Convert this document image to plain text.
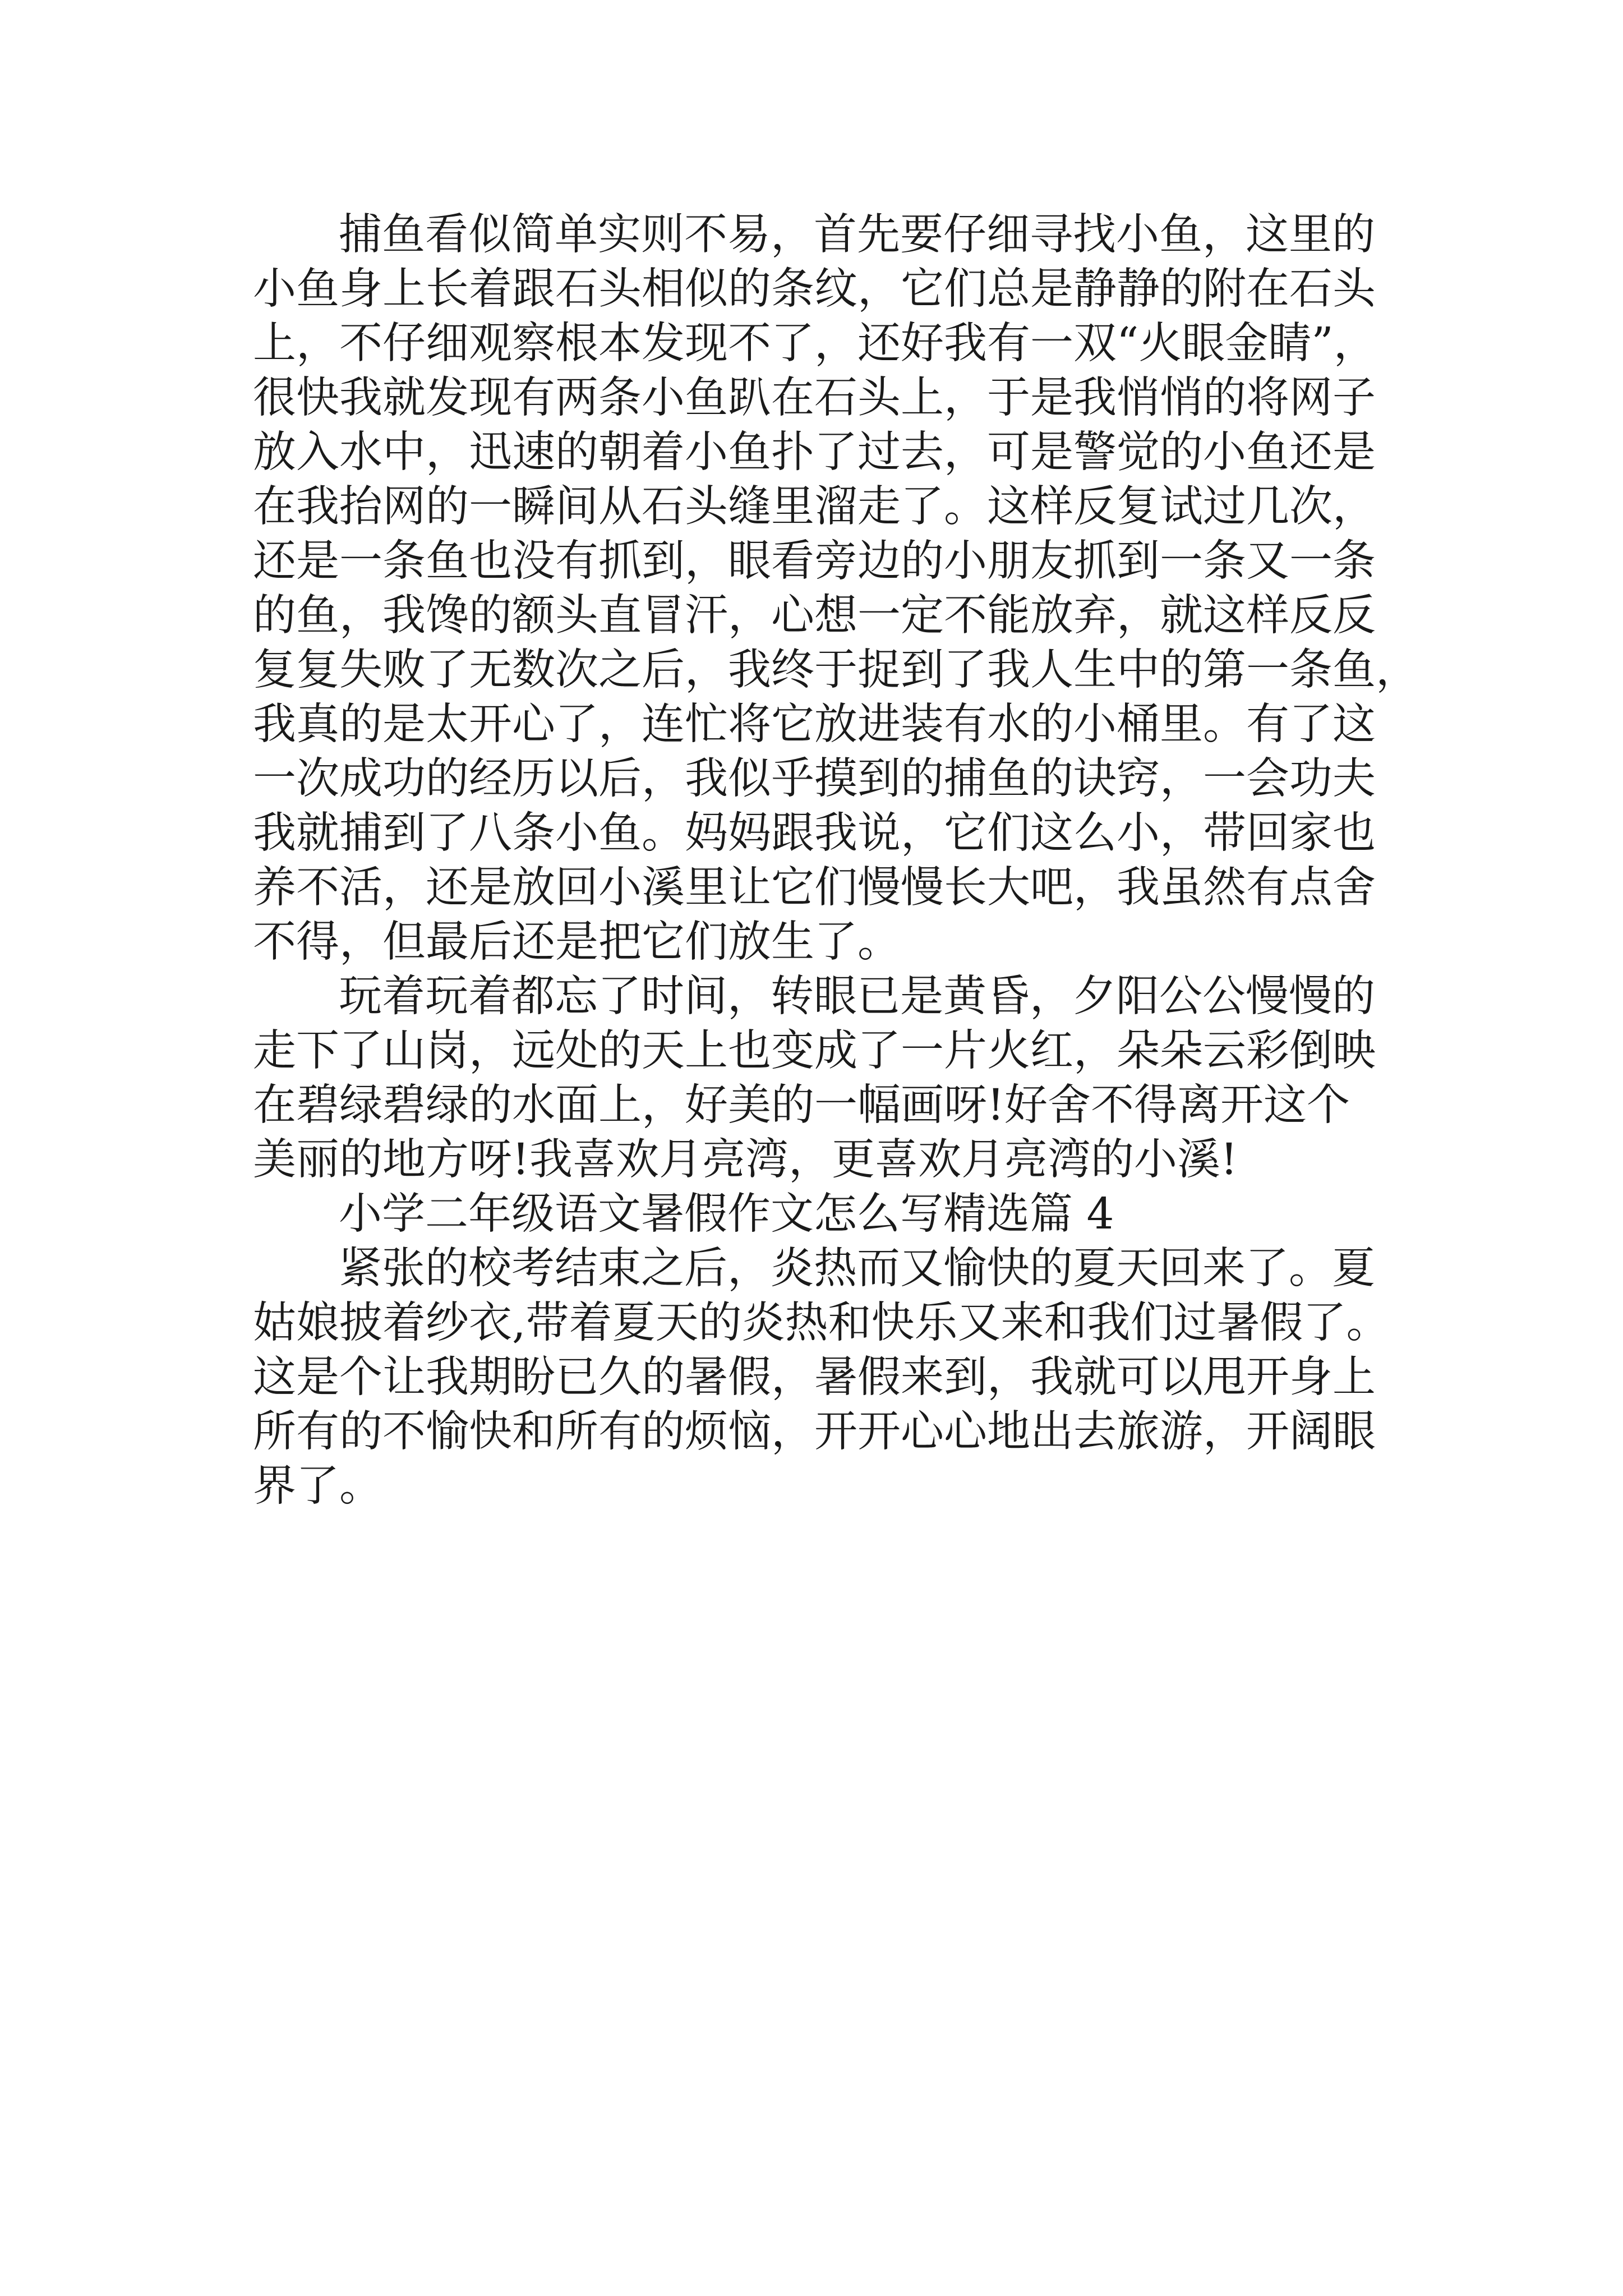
捕鱼看似简单实则不易，首先要仔细寻找小鱼，这里的
小鱼身上长着跟石头相似的条纹，它们总是静静的附在石头
上，不仔细观察根本发现不了，还好我有一双“火眼金睛”，
很快我就发现有两条小鱼趴在石头上，于是我悄悄的将网子
放入水中，迅速的朝着小鱼扑了过去，可是警觉的小鱼还是
在我抬网的一瞬间从石头缝里溜走了。这样反复试过几次，
还是一条鱼也没有抓到，眼看旁边的小朋友抓到一条又一条
的鱼，我馋的额头直冒汗，心想一定不能放弃，就这样反反
复复失败了无数次之后，我终于捉到了我人生中的第一条鱼，
我真的是太开心了，连忙将它放进装有水的小桶里。有了这
一次成功的经历以后，我似乎摸到的捕鱼的诀窍，一会功夫
我就捕到了八条小鱼。妈妈跟我说，它们这么小，带回家也
养不活，还是放回小溪里让它们慢慢长大吧，我虽然有点舍
不得，但最后还是把它们放生了。
玩着玩着都忘了时间，转眼已是黄昏，夕阳公公慢慢的
走下了山岗，远处的天上也变成了一片火红，朵朵云彩倒映
在碧绿碧绿的水面上，好美的一幅画呀!好舍不得离开这个
美丽的地方呀!我喜欢月亮湾，更喜欢月亮湾的小溪!
小学二年级语文暑假作文怎么写精选篇 4
紧张的校考结束之后，炎热而又愉快的夏天回来了。夏
姑娘披着纱衣,带着夏天的炎热和快乐又来和我们过暑假了。
这是个让我期盼已久的暑假，暑假来到，我就可以甩开身上
所有的不愉快和所有的烦恼，开开心心地出去旅游，开阔眼
界了。
